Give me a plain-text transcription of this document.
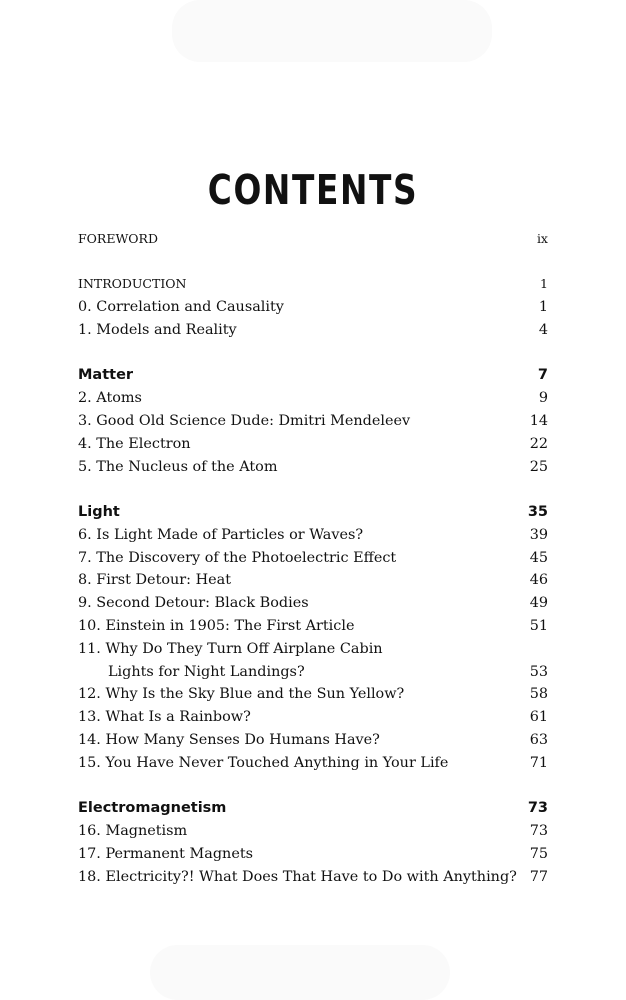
CONTENTS
FOREWORD	ix
INTRODUCTION	1
0. Correlation and Causality	1
1. Models and Reality	4
Matter	7
2. Atoms	9
3. Good Old Science Dude: Dmitri Mendeleev	14
4. The Electron	22
5. The Nucleus of the Atom	25
Light	35
6. Is Light Made of Particles or Waves?	39
7. The Discovery of the Photoelectric Effect	45
8. First Detour: Heat	46
9. Second Detour: Black Bodies	49
10. Einstein in 1905: The First Article	51
11. Why Do They Turn Off Airplane Cabin
Lights for Night Landings?	53
12. Why Is the Sky Blue and the Sun Yellow?	58
13. What Is a Rainbow?	61
14. How Many Senses Do Humans Have?	63
15. You Have Never Touched Anything in Your Life	71
Electromagnetism	73
16. Magnetism	73
17. Permanent Magnets	75
18. Electricity?! What Does That Have to Do with Anything? 77
